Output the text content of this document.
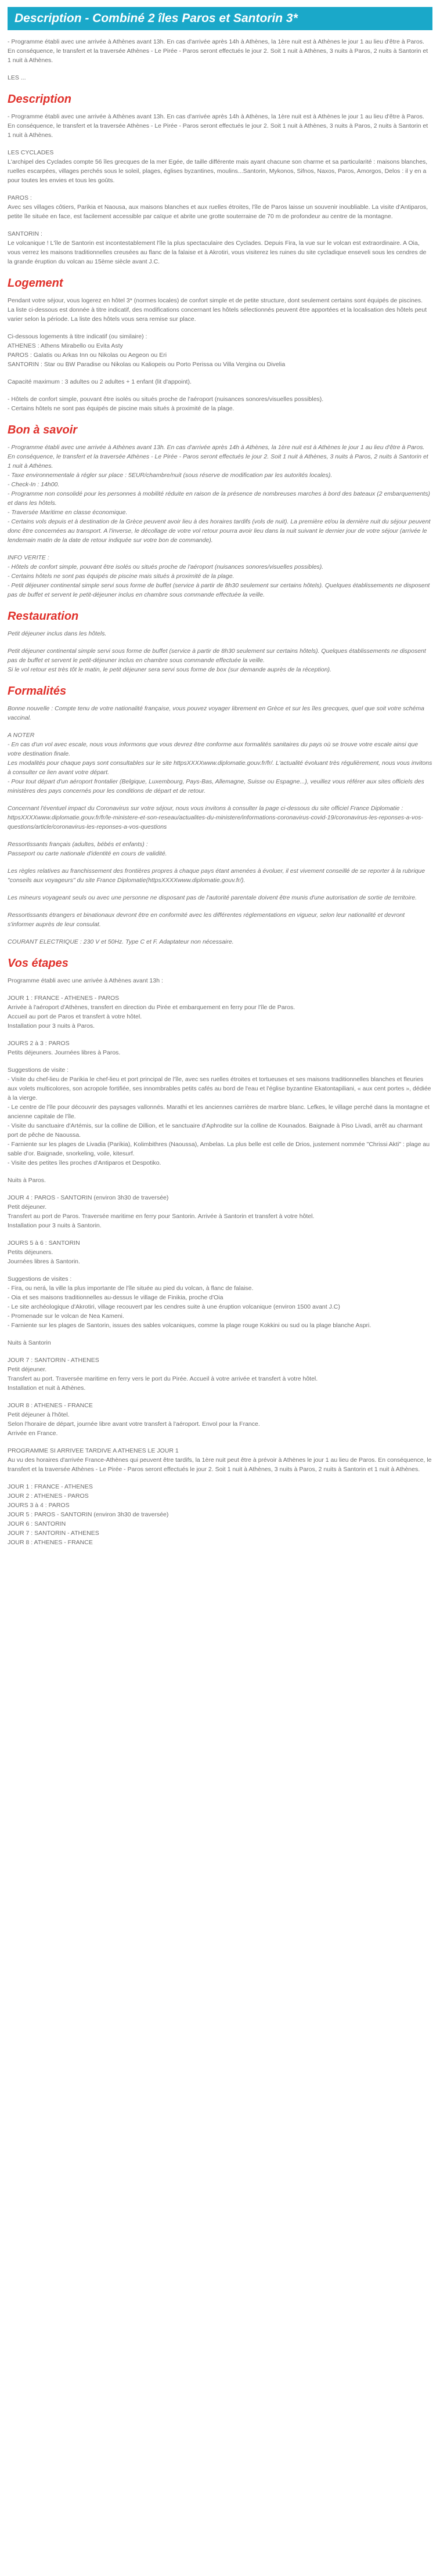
Description - Combiné 2 îles Paros et Santorin 3*

- Programme établi avec une arrivée à Athènes avant 13h. En cas d'arrivée après 14h à Athènes, la 1ère nuit est à Athènes le jour 1 au lieu d'être à Paros. En conséquence, le transfert et la traversée Athènes - Le Pirée - Paros seront effectués le jour 2. Soit 1 nuit à Athènes, 3 nuits à Paros, 2 nuits à Santorin et 1 nuit à Athènes.

LES ...

Description

- Programme établi avec une arrivée à Athènes avant 13h. En cas d'arrivée après 14h à Athènes, la 1ère nuit est à Athènes le jour 1 au lieu d'être à Paros. En conséquence, le transfert et la traversée Athènes - Le Pirée - Paros seront effectués le jour 2. Soit 1 nuit à Athènes, 3 nuits à Paros, 2 nuits à Santorin et 1 nuit à Athènes.

LES CYCLADES
L'archipel des Cyclades compte 56 îles grecques de la mer Egée, de taille différente mais ayant chacune son charme et sa particularité : maisons blanches, ruelles escarpées, villages perchés sous le soleil, plages, églises byzantines, moulins...Santorin, Mykonos, Sifnos, Naxos, Paros, Amorgos, Delos : il y en a pour toutes les envies et tous les goûts.

PAROS :
Avec ses villages côtiers, Parikia et Naousa, aux maisons blanches et aux ruelles étroites, l'île de Paros laisse un souvenir inoubliable. La visite d'Antiparos, petite île située en face, est facilement accessible par caïque et abrite une grotte souterraine de 70 m de profondeur au centre de la montagne.

SANTORIN :
Le volcanique ! L'île de Santorin est incontestablement l'île la plus spectaculaire des Cyclades. Depuis Fira, la vue sur le volcan est extraordinaire. A Oia, vous verrez les maisons traditionnelles creusées au flanc de la falaise et à Akrotiri, vous visiterez les ruines du site cycladique enseveli sous les cendres de la grande éruption du volcan au 15ème siècle avant J.C.

Logement

Pendant votre séjour, vous logerez en hôtel 3* (normes locales) de confort simple et de petite structure, dont seulement certains sont équipés de piscines.
La liste ci-dessous est donnée à titre indicatif, des modifications concernant les hôtels sélectionnés peuvent être apportées et la localisation des hôtels peut varier selon la période. La liste des hôtels vous sera remise sur place.

Ci-dessous logements à titre indicatif (ou similaire) :
ATHENES : Athens Mirabello ou Evita Asty
PAROS : Galatis ou Arkas Inn ou Nikolas ou Aegeon ou Eri
SANTORIN : Star ou BW Paradise ou Nikolas ou Kaliopeis ou Porto Perissa ou Villa Vergina ou Divelia

Capacité maximum : 3 adultes ou 2 adultes + 1 enfant (lit d'appoint).

- Hôtels de confort simple, pouvant être isolés ou situés proche de l'aéroport (nuisances sonores/visuelles possibles).
- Certains hôtels ne sont pas équipés de piscine mais situés à proximité de la plage.

Bon à savoir

- Programme établi avec une arrivée à Athènes avant 13h. En cas d'arrivée après 14h à Athènes, la 1ère nuit est à Athènes le jour 1 au lieu d'être à Paros. En conséquence, le transfert et la traversée Athènes - Le Pirée - Paros seront effectués le jour 2. Soit 1 nuit à Athènes, 3 nuits à Paros, 2 nuits à Santorin et 1 nuit à Athènes.
- Taxe environnementale à régler sur place : 5EUR/chambre/nuit (sous réserve de modification par les autorités locales).
- Check-In : 14h00.
- Programme non consolidé pour les personnes à mobilité réduite en raison de la présence de nombreuses marches à bord des bateaux (2 embarquements) et dans les hôtels.
- Traversée Maritime en classe économique.
- Certains vols depuis et à destination de la Grèce peuvent avoir lieu à des horaires tardifs (vols de nuit). La première et/ou la dernière nuit du séjour peuvent donc être concernées au transport. A l'inverse, le décollage de votre vol retour pourra avoir lieu dans la nuit suivant le dernier jour de votre séjour (arrivée le lendemain matin de la date de retour indiquée sur votre bon de commande).

INFO VERITE :
- Hôtels de confort simple, pouvant être isolés ou situés proche de l'aéroport (nuisances sonores/visuelles possibles).
- Certains hôtels ne sont pas équipés de piscine mais situés à proximité de la plage.
- Petit déjeuner continental simple servi sous forme de buffet (service à partir de 8h30 seulement sur certains hôtels). Quelques établissements ne disposent pas de buffet et servent le petit-déjeuner inclus en chambre sous commande effectuée la veille.

Restauration

Petit déjeuner inclus dans les hôtels.

Petit déjeuner continental simple servi sous forme de buffet (service à partir de 8h30 seulement sur certains hôtels). Quelques établissements ne disposent pas de buffet et servent le petit-déjeuner inclus en chambre sous commande effectuée la veille.
Si le vol retour est très tôt le matin, le petit déjeuner sera servi sous forme de box (sur demande auprès de la réception).

Formalités

Bonne nouvelle : Compte tenu de votre nationalité française, vous pouvez voyager librement en Grèce et sur les îles grecques, quel que soit votre schéma vaccinal.

A NOTER
- En cas d'un vol avec escale, nous vous informons que vous devrez être conforme aux formalités sanitaires du pays où se trouve votre escale ainsi que votre destination finale.
Les modalités pour chaque pays sont consultables sur le site httpsXXXXwww.diplomatie.gouv.fr/fr/. L'actualité évoluant très régulièrement, nous vous invitons à consulter ce lien avant votre départ.
- Pour tout départ d'un aéroport frontalier (Belgique, Luxembourg, Pays-Bas, Allemagne, Suisse ou Espagne...), veuillez vous référer aux sites officiels des ministères des pays concernés pour les conditions de départ et de retour.

Concernant l'éventuel impact du Coronavirus sur votre séjour, nous vous invitons à consulter la page ci-dessous du site officiel France Diplomatie :
httpsXXXXwww.diplomatie.gouv.fr/fr/le-ministere-et-son-reseau/actualites-du-ministere/informations-coronavirus-covid-19/coronavirus-les-reponses-a-vos-questions/article/coronavirus-les-reponses-a-vos-questions

Ressortissants français (adultes, bébés et enfants) :
Passeport ou carte nationale d'identité en cours de validité.

Les règles relatives au franchissement des frontières propres à chaque pays étant amenées à évoluer, il est vivement conseillé de se reporter à la rubrique "conseils aux voyageurs" du site France Diplomatie(httpsXXXXwww.diplomatie.gouv.fr/).

Les mineurs voyageant seuls ou avec une personne ne disposant pas de l'autorité parentale doivent être munis d'une autorisation de sortie de territoire.

Ressortissants étrangers et binationaux devront être en conformité avec les différentes réglementations en vigueur, selon leur nationalité et devront s'informer auprès de leur consulat.

COURANT ELECTRIQUE : 230 V et 50Hz. Type C et F. Adaptateur non nécessaire.

Vos étapes

Programme établi avec une arrivée à Athènes avant 13h :

JOUR 1 : FRANCE - ATHENES - PAROS
Arrivée à l'aéroport d'Athènes, transfert en direction du Pirée et embarquement en ferry pour l'île de Paros.
Accueil au port de Paros et transfert à votre hôtel.
Installation pour 3 nuits à Paros.

JOURS 2 à 3 : PAROS
Petits déjeuners. Journées libres à Paros.

Suggestions de visite :
- Visite du chef-lieu de Parikia le chef-lieu et port principal de l'île, avec ses ruelles étroites et tortueuses et ses maisons traditionnelles blanches et fleuries aux volets multicolores, son acropole fortifiée, ses innombrables petits cafés au bord de l'eau et l'église byzantine Ekatontapiliani, « aux cent portes », dédiée à la vierge.
- Le centre de l'île pour découvrir des paysages vallonnés. Marathi et les anciennes carrières de marbre blanc. Lefkes, le village perché dans la montagne et ancienne capitale de l'île.
- Visite du sanctuaire d'Artémis, sur la colline de Dillion, et le sanctuaire d'Aphrodite sur la colline de Kounados. Baignade à Piso Livadi, arrêt au charmant port de pêche de Naoussa.
- Farniente sur les plages de Livadia (Parikia), Kolimbithres (Naoussa), Ambelas. La plus belle est celle de Drios, justement nommée "Chrissi Akti" : plage au sable d'or. Baignade, snorkeling, voile, kitesurf.
- Visite des petites îles proches d'Antiparos et Despotiko.

Nuits à Paros.

JOUR 4 : PAROS - SANTORIN (environ 3h30 de traversée)
Petit déjeuner.
Transfert au port de Paros. Traversée maritime en ferry pour Santorin. Arrivée à Santorin et transfert à votre hôtel.
Installation pour 3 nuits à Santorin.

JOURS 5 à 6 : SANTORIN
Petits déjeuners.
Journées libres à Santorin.

Suggestions de visites :
- Fira, ou nerá, la ville la plus importante de l'île située au pied du volcan, à flanc de falaise.
- Oia et ses maisons traditionnelles au-dessus le village de Finikia, proche d'Oia
- Le site archéologique d'Akrotiri, village recouvert par les cendres suite à une éruption volcanique (environ 1500 avant J.C)
- Promenade sur le volcan de Nea Kameni.
- Farniente sur les plages de Santorin, issues des sables volcaniques, comme la plage rouge Kokkini ou sud ou la plage blanche Aspri.

Nuits à Santorin

JOUR 7 : SANTORIN - ATHENES
Petit déjeuner.
Transfert au port. Traversée maritime en ferry vers le port du Pirée. Accueil à votre arrivée et transfert à votre hôtel.
Installation et nuit à Athènes.

JOUR 8 : ATHENES - FRANCE
Petit déjeuner à l'hôtel.
Selon l'horaire de départ, journée libre avant votre transfert à l'aéroport. Envol pour la France.
Arrivée en France.

PROGRAMME SI ARRIVEE TARDIVE A ATHENES LE JOUR 1
Au vu des horaires d'arrivée France-Athènes qui peuvent être tardifs, la 1ère nuit peut être à prévoir à Athènes le jour 1 au lieu de Paros. En conséquence, le transfert et la traversée Athènes - Le Pirée - Paros seront effectués le jour 2. Soit 1 nuit à Athènes, 3 nuits à Paros, 2 nuits à Santorin et 1 nuit à Athènes.

JOUR 1 : FRANCE - ATHENES
JOUR 2 : ATHENES - PAROS
JOURS 3 à 4 : PAROS
JOUR 5 : PAROS - SANTORIN (environ 3h30 de traversée)
JOUR 6 : SANTORIN
JOUR 7 : SANTORIN - ATHENES
JOUR 8 : ATHENES - FRANCE
